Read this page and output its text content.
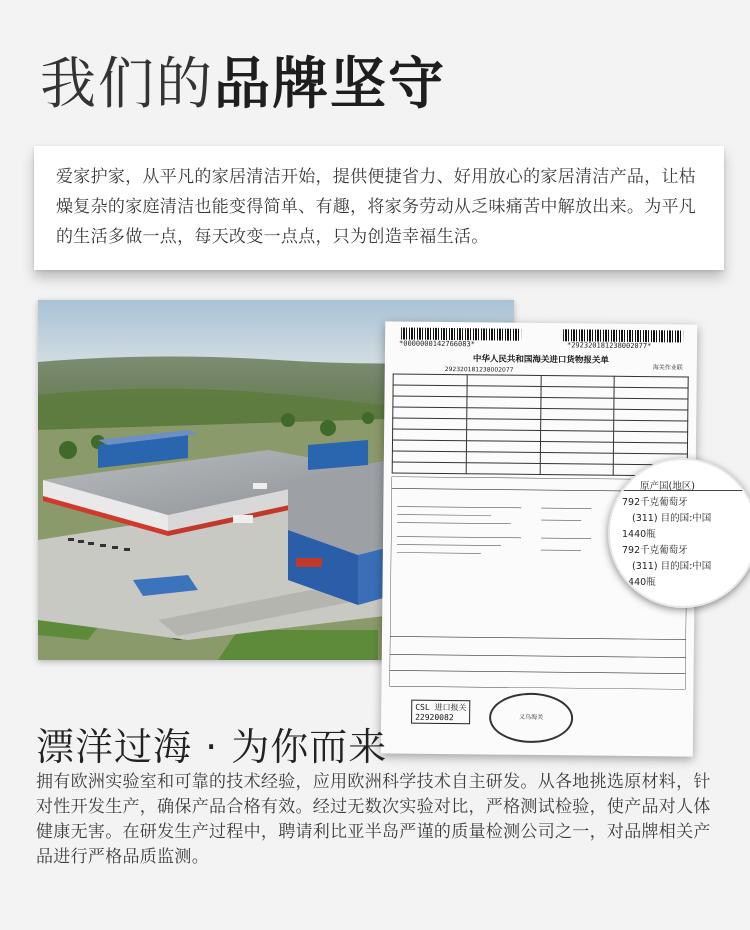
我们的品牌坚守

爱家护家，从平凡的家居清洁开始，提供便捷省力、好用放心的家居清洁产品，让枯燥复杂的家庭清洁也能变得简单、有趣，将家务劳动从乏味痛苦中解放出来。为平凡的生活多做一点，每天改变一点点，只为创造幸福生活。

*0000000142766083*	*292320181238002077*
中华人民共和国海关进口货物报关单
海关作业联
292320181238002077

CSL 进口报关
22920082	义乌海关
原产国(地区)
792千克葡萄牙
(311) 目的国:中国
1440瓶
792千克葡萄牙
(311) 目的国:中国
1440瓶
漂洋过海 · 为你而来
拥有欧洲实验室和可靠的技术经验，应用欧洲科学技术自主研发。从各地挑选原材料，针对性开发生产，确保产品合格有效。经过无数次实验对比，严格测试检验，使产品对人体健康无害。在研发生产过程中，聘请利比亚半岛严谨的质量检测公司之一，对品牌相关产品进行严格品质监测。
